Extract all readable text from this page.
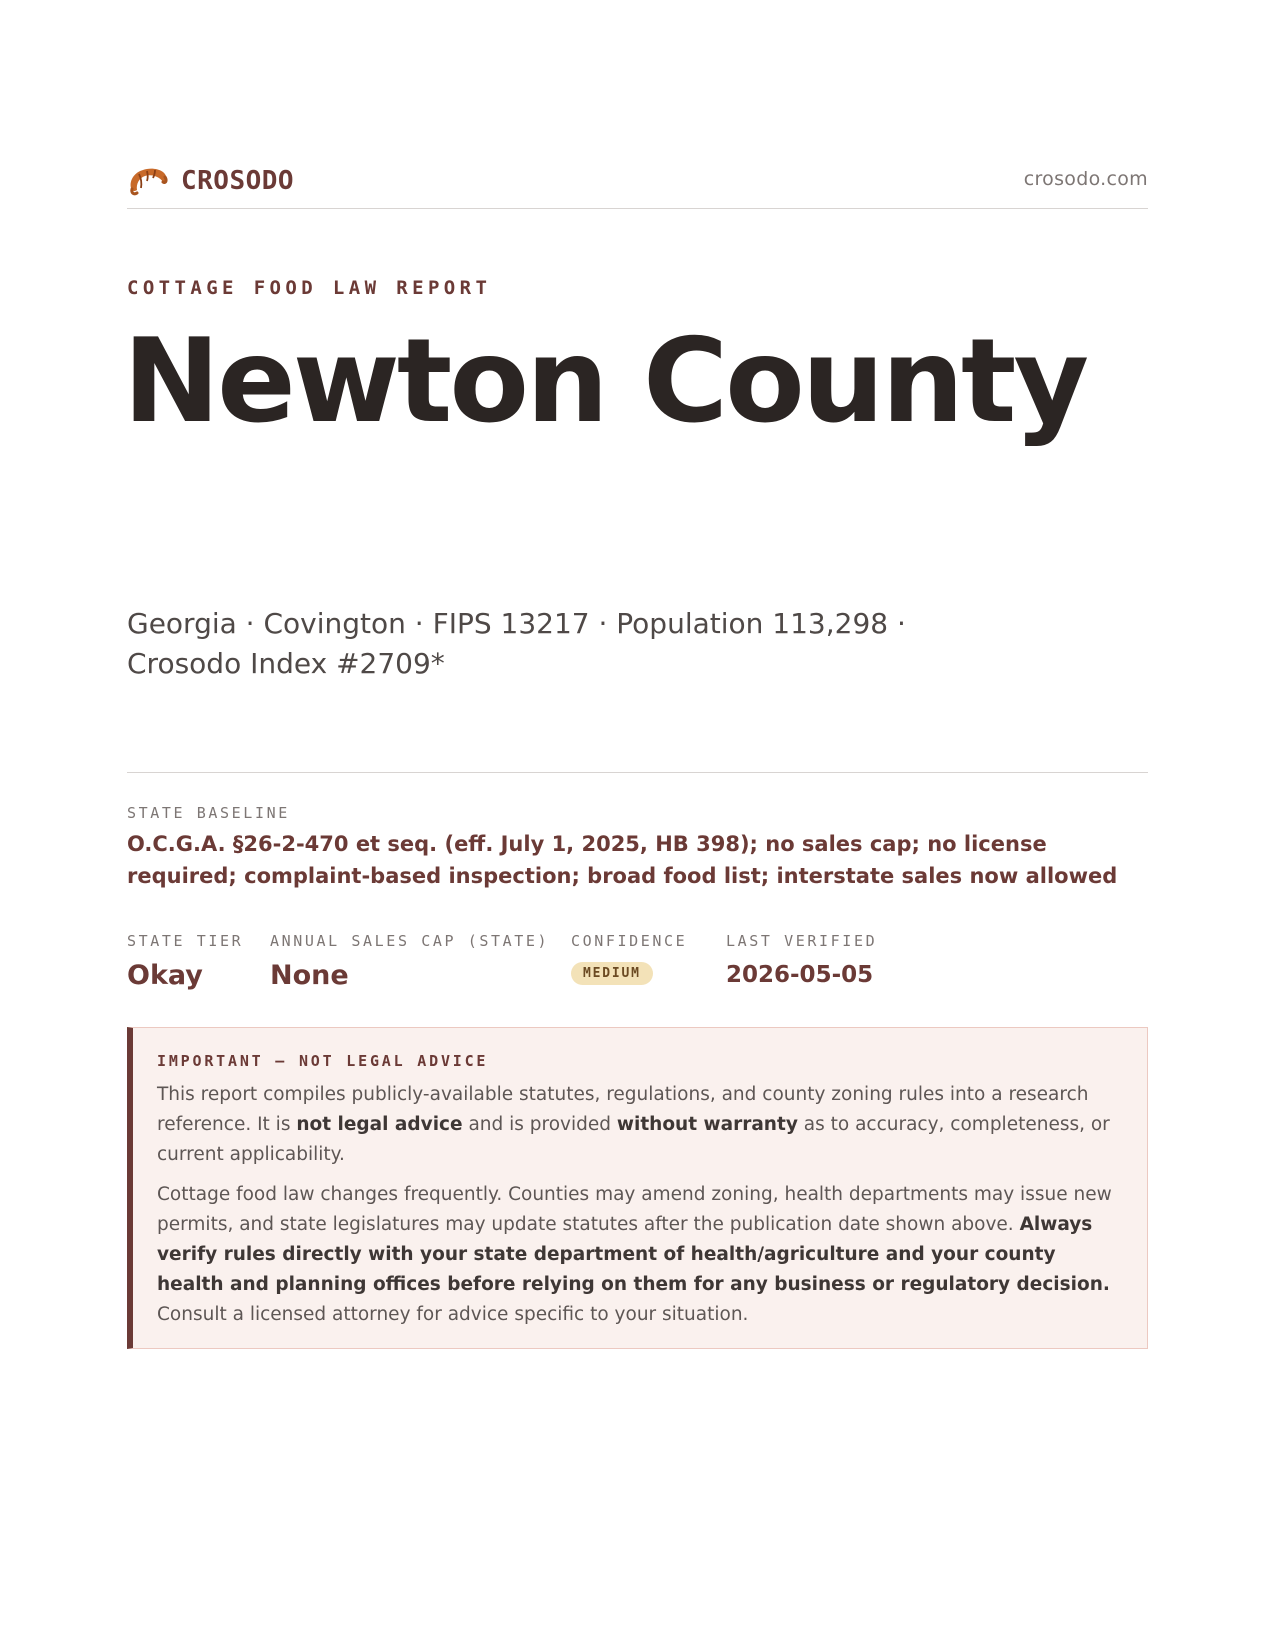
CROSODO	crosodo.com
COTTAGE FOOD LAW REPORT
Newton County
Georgia · Covington · FIPS 13217 · Population 113,298 ·
Crosodo Index #2709*
STATE BASELINE
O.C.G.A. §26-2-470 et seq. (eff. July 1, 2025, HB 398); no sales cap; no license required; complaint-based inspection; broad food list; interstate sales now allowed
STATE TIER
Okay
ANNUAL SALES CAP (STATE)
None
CONFIDENCE
MEDIUM
LAST VERIFIED
2026-05-05
IMPORTANT — NOT LEGAL ADVICE

This report compiles publicly-available statutes, regulations, and county zoning rules into a research reference. It is not legal advice and is provided without warranty as to accuracy, completeness, or current applicability.

Cottage food law changes frequently. Counties may amend zoning, health departments may issue new permits, and state legislatures may update statutes after the publication date shown above. Always verify rules directly with your state department of health/agriculture and your county health and planning offices before relying on them for any business or regulatory decision. Consult a licensed attorney for advice specific to your situation.
